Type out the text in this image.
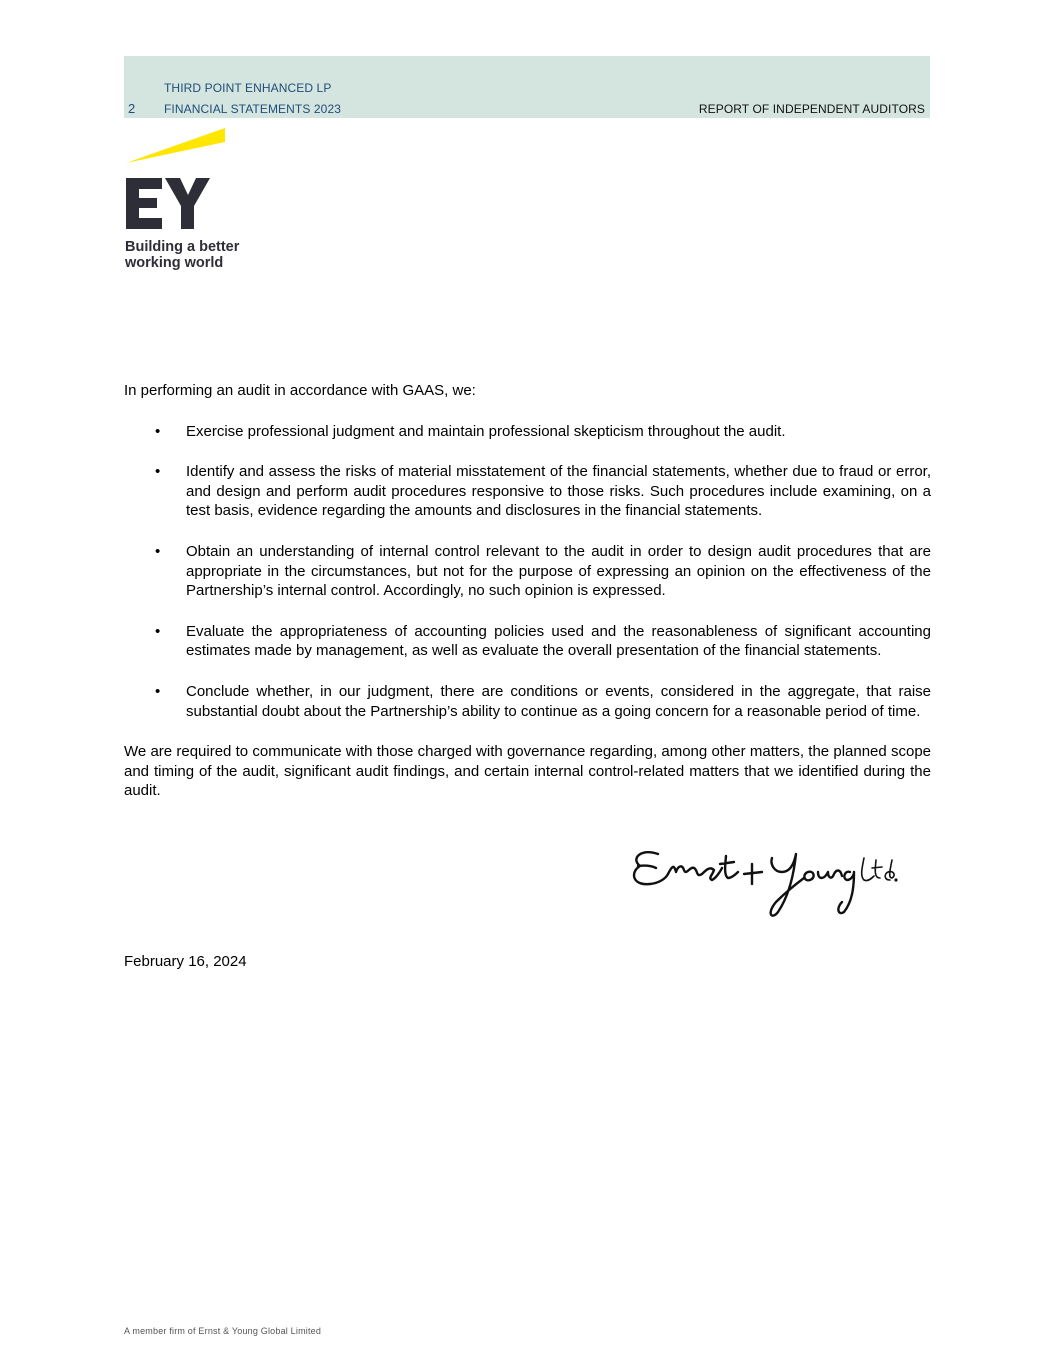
THIRD POINT ENHANCED LP
2 FINANCIAL STATEMENTS 2023	REPORT OF INDEPENDENT AUDITORS
Building a better
working world

In performing an audit in accordance with GAAS, we:

• Exercise professional judgment and maintain professional skepticism throughout the audit.
• Identify and assess the risks of material misstatement of the financial statements, whether due to fraud or error, and design and perform audit procedures responsive to those risks. Such procedures include examining, on a test basis, evidence regarding the amounts and disclosures in the financial statements.
• Obtain an understanding of internal control relevant to the audit in order to design audit procedures that are appropriate in the circumstances, but not for the purpose of expressing an opinion on the effectiveness of the Partnership’s internal control. Accordingly, no such opinion is expressed.
• Evaluate the appropriateness of accounting policies used and the reasonableness of significant accounting estimates made by management, as well as evaluate the overall presentation of the financial statements.
• Conclude whether, in our judgment, there are conditions or events, considered in the aggregate, that raise substantial doubt about the Partnership’s ability to continue as a going concern for a reasonable period of time.

We are required to communicate with those charged with governance regarding, among other matters, the planned scope and timing of the audit, significant audit findings, and certain internal control-related matters that we identified during the audit.

February 16, 2024
A member firm of Ernst & Young Global Limited
